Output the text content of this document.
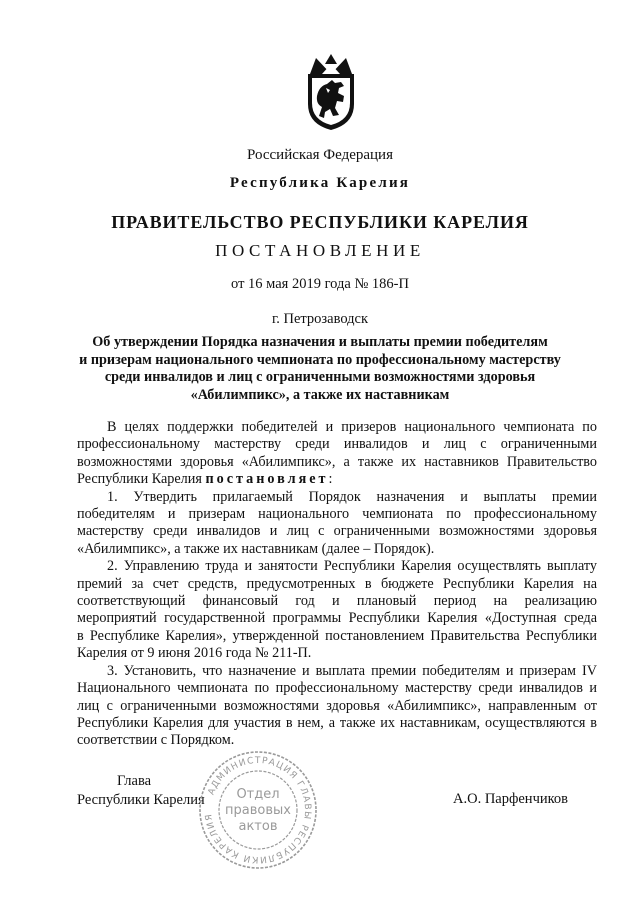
Российская Федерация
Республика Карелия
ПРАВИТЕЛЬСТВО РЕСПУБЛИКИ КАРЕЛИЯ
ПОСТАНОВЛЕНИЕ
от 16 мая 2019 года № 186-П
г. Петрозаводск
Об утверждении Порядка назначения и выплаты премии победителям
и призерам национального чемпионата по профессиональному мастерству
среди инвалидов и лиц с ограниченными возможностями здоровья
«Абилимпикс», а также их наставникам
В целях поддержки победителей и призеров национального чемпионата по
профессиональному мастерству среди инвалидов и лиц с ограниченными
возможностями здоровья «Абилимпикс», а также их наставников Правительство
Республики Карелия постановляет:
1. Утвердить прилагаемый Порядок назначения и выплаты премии
победителям и призерам национального чемпионата по профессиональному
мастерству среди инвалидов и лиц с ограниченными возможностями здоровья
«Абилимпикс», а также их наставникам (далее – Порядок).
2. Управлению труда и занятости Республики Карелия осуществлять выплату
премий за счет средств, предусмотренных в бюджете Республики Карелия на
соответствующий финансовый год и плановый период на реализацию
мероприятий государственной программы Республики Карелия «Доступная среда
в Республике Карелия», утвержденной постановлением Правительства Республики
Карелия от 9 июня 2016 года № 211-П.
3. Установить, что назначение и выплата премии победителям и призерам IV
Национального чемпионата по профессиональному мастерству среди инвалидов и
лиц с ограниченными возможностями здоровья «Абилимпикс», направленным от
Республики Карелия для участия в нем, а также их наставникам, осуществляются в
соответствии с Порядком.
Глава
Республики Карелия	А.О. Парфенчиков
АДМИНИСТРАЦИЯ ГЛАВЫ РЕСПУБЛИКИ КАРЕЛИЯ
Отдел
правовых
актов
